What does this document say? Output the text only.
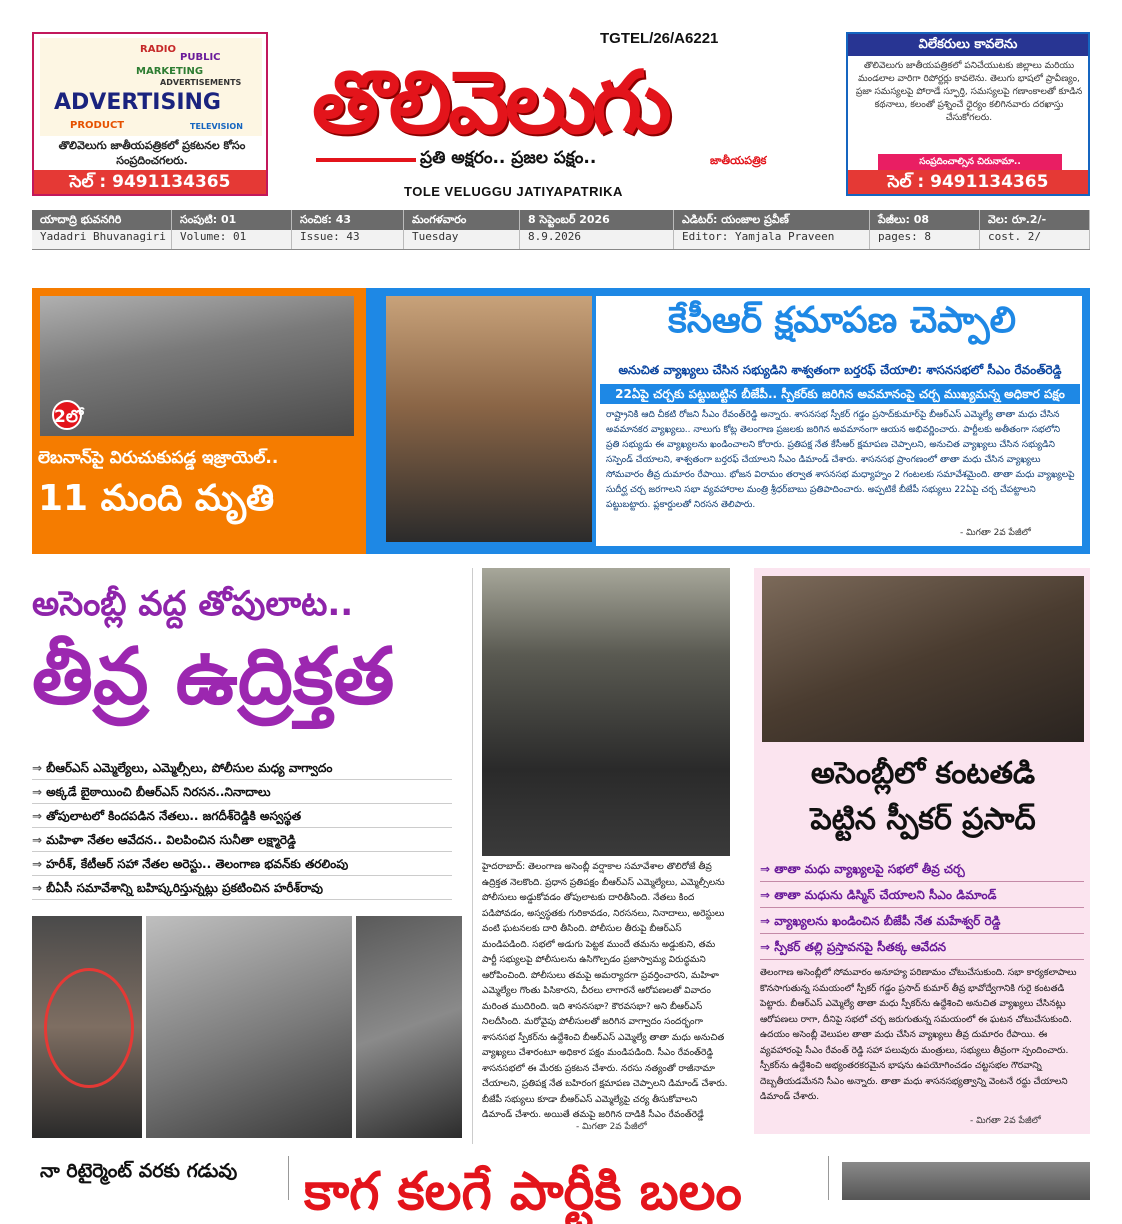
RADIO
PUBLIC
MARKETING
ADVERTISEMENTS
PRODUCT	TELEVISION
ADVERTISING
తొలివెలుగు జాతీయపత్రికలో ప్రకటనల కోసం సంప్రదించగలరు.
సెల్ : 9491134365
TGTEL/26/A6221
తొలివెలుగు
ప్రతి అక్షరం.. ప్రజల పక్షం..	జాతీయపత్రిక
TOLE VELUGGU JATIYAPATRIKA
విలేకరులు కావలెను
తొలివెలుగు జాతీయపత్రికలో పనిచేయుటకు జిల్లాలు మరియు మండలాల వారిగా రిపోర్టర్లు కావలెను. తెలుగు భాషలో ప్రావీణ్యం, ప్రజా సమస్యలపై పోరాడే స్ఫూర్తి, సమస్యలపై గణాంకాలతో కూడిన కథనాలు, కలంతో ప్రశ్నించే ధైర్యం కలిగినవారు దరఖాస్తు చేసుకోగలరు.
సంప్రదించాల్సిన చిరునామా..
సెల్ : 9491134365
యాదాద్రి భువనగిరి	సంపుటి: 01	సంచిక: 43	మంగళవారం	8 సెప్టెంబర్ 2026	ఎడిటర్: యంజాల ప్రవీణ్	పేజీలు: 08	వెల: రూ.2/-
Yadadri Bhuvanagiri	Volume: 01	Issue: 43	Tuesday	8.9.2026	Editor: Yamjala Praveen	pages: 8	cost. 2/
2లో
లెబనాన్‌పై విరుచుకుపడ్డ ఇజ్రాయెల్..
11 మంది మృతి
కేసీఆర్ క్షమాపణ చెప్పాలి
అనుచిత వ్యాఖ్యలు చేసిన సభ్యుడిని శాశ్వతంగా బర్తరఫ్ చేయాలి: శాసనసభలో సీఎం రేవంత్‌రెడ్డి
22ఏపై చర్చకు పట్టుబట్టిన బీజేపీ.. స్పీకర్‌కు జరిగిన అవమానంపై చర్చ ముఖ్యమన్న అధికార పక్షం
రాష్ట్రానికి ఆది చీకటి రోజని సీఎం రేవంత్‌రెడ్డి అన్నారు. శాసనసభ స్పీకర్ గడ్డం ప్రసాద్‌కుమార్‌పై బీఆర్‌ఎస్ ఎమ్మెల్యే తాతా మధు చేసిన అవమానకర వ్యాఖ్యలు.. నాలుగు కోట్ల తెలంగాణ ప్రజలకు జరిగిన అవమానంగా ఆయన అభివర్ణించారు. పార్టీలకు అతీతంగా సభలోని ప్రతి సభ్యుడు ఈ వ్యాఖ్యలను ఖండించాలని కోరారు. ప్రతిపక్ష నేత కేసీఆర్ క్షమాపణ చెప్పాలని, అనుచిత వ్యాఖ్యలు చేసిన సభ్యుడిని సస్పెండ్ చేయాలని, శాశ్వతంగా బర్తరఫ్ చేయాలని సీఎం డిమాండ్ చేశారు. శాసనసభ ప్రాంగణంలో తాతా మధు చేసిన వ్యాఖ్యలు సోమవారం తీవ్ర దుమారం రేపాయి. భోజన విరామం తర్వాత శాసనసభ మధ్యాహ్నం 2 గంటలకు సమావేశమైంది. తాతా మధు వ్యాఖ్యలపై సుదీర్ఘ చర్చ జరగాలని సభా వ్యవహారాల మంత్రి శ్రీధర్‌బాబు ప్రతిపాదించారు. అప్పటికే బీజేపీ సభ్యులు 22ఏపై చర్చ చేపట్టాలని పట్టుబట్టారు. ప్లకార్డులతో నిరసన తెలిపారు.
- మిగతా 2వ పేజీలో
అసెంబ్లీ వద్ద తోపులాట..
తీవ్ర ఉద్రిక్తత
⇒ బీఆర్ఎస్ ఎమ్మెల్యేలు, ఎమ్మెల్సీలు, పోలీసుల మధ్య వాగ్వాదం
⇒ అక్కడే బైఠాయించి బీఆర్ఎస్ నిరసన..నినాదాలు
⇒ తోపులాటలో కిందపడిన నేతలు.. జగదీశ్‌రెడ్డికి అస్వస్థత
⇒ మహిళా నేతల ఆవేదన.. విలపించిన సునీతా లక్ష్మారెడ్డి
⇒ హరీశ్, కేటీఆర్ సహా నేతల అరెస్టు.. తెలంగాణ భవన్‌కు తరలింపు
⇒ బీఏసీ సమావేశాన్ని బహిష్కరిస్తున్నట్లు ప్రకటించిన హరీశ్‌రావు
హైదరాబాద్: తెలంగాణ అసెంబ్లీ వర్షాకాల సమావేశాల తొలిరోజే తీవ్ర ఉద్రిక్తత నెలకొంది. ప్రధాన ప్రతిపక్షం బీఆర్ఎస్ ఎమ్మెల్యేలు, ఎమ్మెల్సీలను పోలీసులు అడ్డుకోవడం తోపులాటకు దారితీసింది. నేతలు కింద పడిపోవడం, అస్వస్థతకు గురికావడం, నిరసనలు, నినాదాలు, అరెస్టులు వంటి ఘటనలకు దారి తీసింది. పోలీసుల తీరుపై బీఆర్ఎస్ మండిపడింది. సభలో అడుగు పెట్టక ముందే తమను అడ్డుకుని, తమ పార్టీ సభ్యులపై పోలీసులను ఉసిగొల్పడం ప్రజాస్వామ్య విరుద్ధమని ఆరోపించింది. పోలీసులు తమపై అమర్యాదగా ప్రవర్తించారని, మహిళా ఎమ్మెల్యేల గొంతు పిసికారని, చీరలు లాగారనే ఆరోపణలతో వివాదం మరింత ముదిరింది. ఇది శాసనసభా? కౌరవసభా? అని బీఆర్ఎస్ నిలదీసింది. మరోవైపు పోలీసులతో జరిగిన వాగ్వాదం సందర్భంగా శాసనసభ స్పీకర్‌ను ఉద్దేశించి బీఆర్ఎస్ ఎమ్మెల్యే తాతా మధు అనుచిత వ్యాఖ్యలు చేశారంటూ అధికార పక్షం మండిపడింది. సీఎం రేవంత్‌రెడ్డి శాసనసభలో ఈ మేరకు ప్రకటన చేశారు. నరసు నత్యంతో రాజీనామా చేయాలని, ప్రతిపక్ష నేత బహిరంగ క్షమాపణ చెప్పాలని డిమాండ్ చేశారు. బీజేపీ సభ్యులు కూడా బీఆర్ఎస్ ఎమ్మెల్యేపై చర్య తీసుకోవాలని డిమాండ్ చేశారు. అయితే తమపై జరిగిన దాడికి సీఎం రేవంత్‌రెడ్డే
- మిగతా 2వ పేజీలో
అసెంబ్లీలో కంటతడి
పెట్టిన స్పీకర్ ప్రసాద్
⇒ తాతా మధు వ్యాఖ్యలపై సభలో తీవ్ర చర్చ
⇒ తాతా మధును డిస్మిస్ చేయాలని సీఎం డిమాండ్
⇒ వ్యాఖ్యలను ఖండించిన బీజేపీ నేత మహేశ్వర్ రెడ్డి
⇒ స్పీకర్ తల్లి ప్రస్తావనపై సీతక్క ఆవేదన
తెలంగాణ అసెంబ్లీలో సోమవారం అనూహ్య పరిణామం చోటుచేసుకుంది. సభా కార్యకలాపాలు కొనసాగుతున్న సమయంలో స్పీకర్ గడ్డం ప్రసాద్ కుమార్ తీవ్ర భావోద్వేగానికి గురై కంటతడి పెట్టారు. బీఆర్ఎస్ ఎమ్మెల్యే తాతా మధు స్పీకర్‌ను ఉద్దేశించి అనుచిత వ్యాఖ్యలు చేసినట్లు ఆరోపణలు రాగా, దీనిపై సభలో చర్చ జరుగుతున్న సమయంలో ఈ ఘటన చోటుచేసుకుంది. ఉదయం అసెంబ్లీ వెలుపల తాతా మధు చేసిన వ్యాఖ్యలు తీవ్ర దుమారం రేపాయి. ఈ వ్యవహారంపై సీఎం రేవంత్ రెడ్డి సహా పలువురు మంత్రులు, సభ్యులు తీవ్రంగా స్పందించారు. స్పీకర్‌ను ఉద్దేశించి అభ్యంతరకరమైన భాషను ఉపయోగించడం చట్టసభల గౌరవాన్ని దెబ్బతీయడమేనని సీఎం అన్నారు. తాతా మధు శాసనసభ్యత్వాన్ని వెంటనే రద్దు చేయాలని డిమాండ్ చేశారు.
- మిగతా 2వ పేజీలో
నా రిటైర్మెంట్ వరకు గడువు కాగ కలగే పార్టీకి బలం
